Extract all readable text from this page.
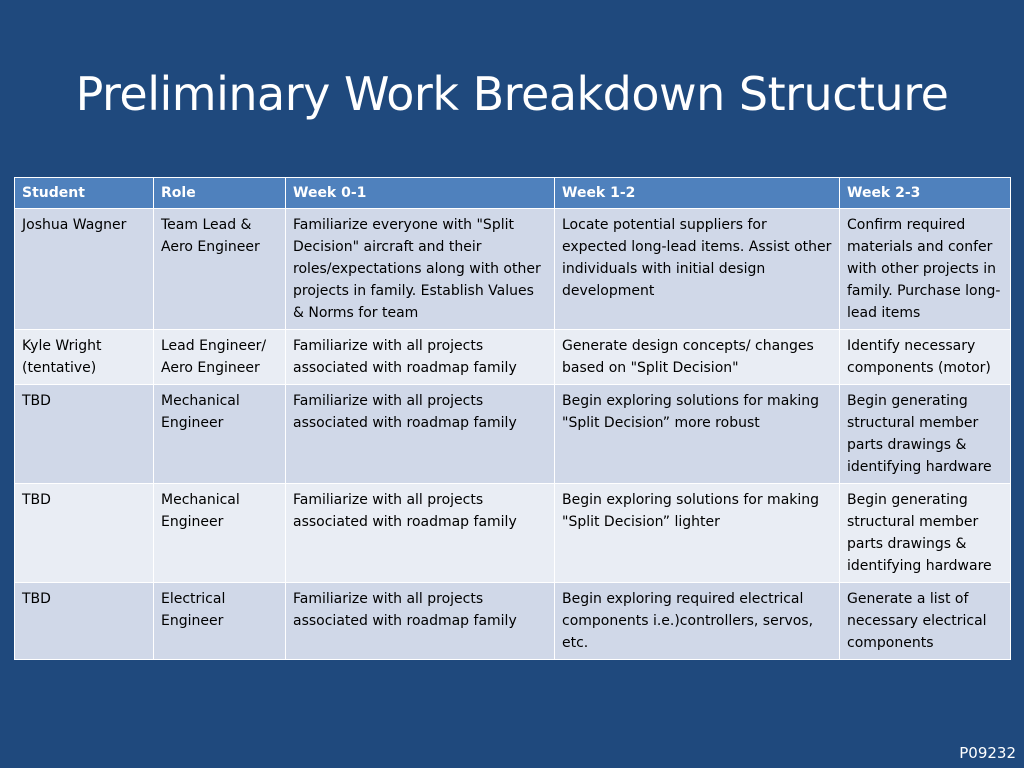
Preliminary Work Breakdown Structure
Student	Role	Week 0-1	Week 1-2	Week 2-3
Joshua Wagner	Team Lead & Aero Engineer	Familiarize everyone with "Split Decision" aircraft and their roles/expectations along with other projects in family. Establish Values & Norms for team	Locate potential suppliers for expected long-lead items. Assist other individuals with initial design development	Confirm required materials and confer with other projects in family. Purchase long-lead items
Kyle Wright (tentative)	Lead Engineer/ Aero Engineer	Familiarize with all projects associated with roadmap family	Generate design concepts/ changes based on "Split Decision"	Identify necessary components (motor)
TBD	Mechanical Engineer	Familiarize with all projects associated with roadmap family	Begin exploring solutions for making "Split Decision” more robust	Begin generating structural member parts drawings & identifying hardware
TBD	Mechanical Engineer	Familiarize with all projects associated with roadmap family	Begin exploring solutions for making "Split Decision” lighter	Begin generating structural member parts drawings & identifying hardware
TBD	Electrical Engineer	Familiarize with all projects associated with roadmap family	Begin exploring required electrical components i.e.)controllers, servos, etc.	Generate a list of necessary electrical components
P09232
